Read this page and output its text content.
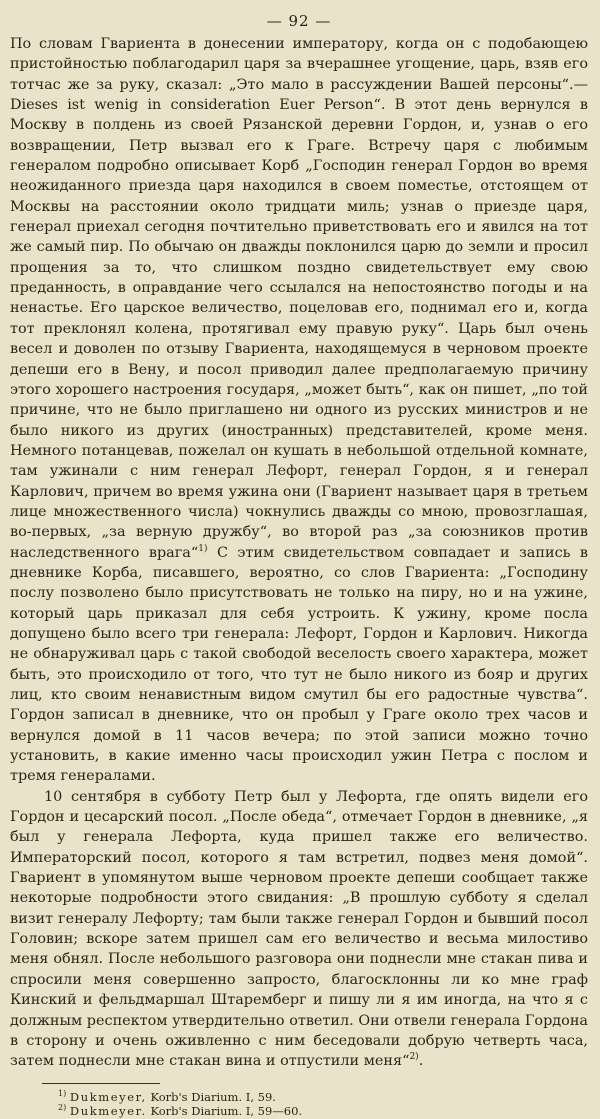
— 92 —

По словам Гвариента в донесении императору, когда он с подобающею пристойностью поблагодарил царя за вчерашнее угощение, царь, взяв его тотчас же за руку, сказал: „Это мало в рассуждении Вашей персоны“.—Dieses ist wenig in consideration Euer Person“. В этот день вернулся в Москву в полдень из своей Рязанской деревни Гордон, и, узнав о его возвращении, Петр вызвал его к Граге. Встречу царя с любимым генералом подробно описывает Корб „Господин генерал Гордон во время неожиданного приезда царя находился в своем поместье, отстоящем от Москвы на расстоянии около тридцати миль; узнав о приезде царя, генерал приехал сегодня почтительно приветствовать его и явился на тот же самый пир. По обычаю он дважды поклонился царю до земли и просил прощения за то, что слишком поздно свидетельствует ему свою преданность, в оправдание чего ссылался на непостоянство погоды и на ненастье. Его царское величество, поцеловав его, поднимал его и, когда тот преклонял колена, протягивал ему правую руку“. Царь был очень весел и доволен по отзыву Гвариента, находящемуся в черновом проекте депеши его в Вену, и посол приводил далее предполагаемую причину этого хорошего настроения государя, „может быть“, как он пишет, „по той причине, что не было приглашено ни одного из русских министров и не было никого из других (иностранных) представителей, кроме меня. Немного потанцевав, пожелал он кушать в небольшой отдельной комнате, там ужинали с ним генерал Лефорт, генерал Гордон, я и генерал Карлович, причем во время ужина они (Гвариент называет царя в третьем лице множественного числа) чокнулись дважды со мною, провозглашая, во-первых, „за верную дружбу“, во второй раз „за союзников против наследственного врага“$^{1)}$ С этим свидетельством совпадает и запись в дневнике Корба, писавшего, вероятно, со слов Гвариента: „Господину послу позволено было присутствовать не только на пиру, но и на ужине, который царь приказал для себя устроить. К ужину, кроме посла допущено было всего три генерала: Лефорт, Гордон и Карлович. Никогда не обнаруживал царь с такой свободой веселость своего характера, может быть, это происходило от того, что тут не было никого из бояр и других лиц, кто своим ненавистным видом смутил бы его радостные чувства“. Гордон записал в дневнике, что он пробыл у Граге около трех часов и вернулся домой в 11 часов вечера; по этой записи можно точно установить, в какие именно часы происходил ужин Петра с послом и тремя генералами.

10 сентября в субботу Петр был у Лефорта, где опять видели его Гордон и цесарский посол. „После обеда“, отмечает Гордон в дневнике, „я был у генерала Лефорта, куда пришел также его величество. Императорский посол, которого я там встретил, подвез меня домой“. Гвариент в упомянутом выше черновом проекте депеши сообщает также некоторые подробности этого свидания: „В прошлую субботу я сделал визит генералу Лефорту; там были также генерал Гордон и бывший посол Головин; вскоре затем пришел сам его величество и весьма милостиво меня обнял. После небольшого разговора они поднесли мне стакан пива и спросили меня совершенно запросто, благосклонны ли ко мне граф Кинский и фельдмаршал Штаремберг и пишу ли я им иногда, на что я с должным респектом утвердительно ответил. Они отвели генерала Гордона в сторону и очень оживленно с ним беседовали добрую четверть часа, затем поднесли мне стакан вина и отпустили меня“$^{2)}$.

$^{1)}$ Dukmeyer, Korb's Diarium. I, 59.

$^{2)}$ Dukmeyer. Korb's Diarium. I, 59—60.
